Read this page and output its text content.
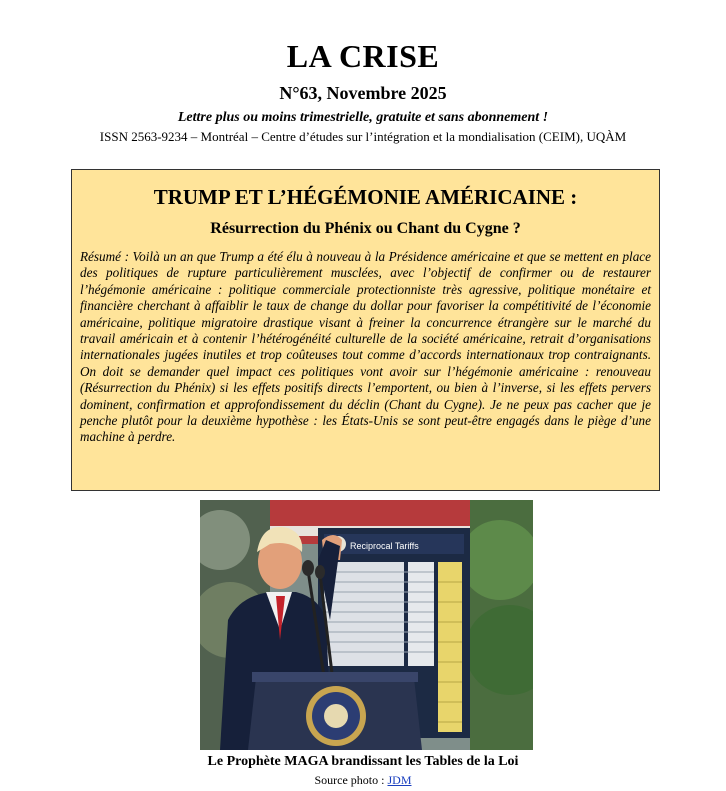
LA CRISE
N°63, Novembre 2025
Lettre plus ou moins trimestrielle, gratuite et sans abonnement !
ISSN 2563-9234 – Montréal – Centre d’études sur l’intégration et la mondialisation (CEIM), UQÀM
TRUMP ET L’HÉGÉMONIE AMÉRICAINE :
Résurrection du Phénix ou Chant du Cygne ?
Résumé : Voilà un an que Trump a été élu à nouveau à la Présidence américaine et que se mettent en place des politiques de rupture particulièrement musclées, avec l’objectif de confirmer ou de restaurer l’hégémonie américaine : politique commerciale protectionniste très agressive, politique monétaire et financière cherchant à affaiblir le taux de change du dollar pour favoriser la compétitivité de l’économie américaine, politique migratoire drastique visant à freiner la concurrence étrangère sur le marché du travail américain et à contenir l’hétérogénéité culturelle de la société américaine, retrait d’organisations internationales jugées inutiles et trop coûteuses tout comme d’accords internationaux trop contraignants. On doit se demander quel impact ces politiques vont avoir sur l’hégémonie américaine : renouveau (Résurrection du Phénix) si les effets positifs directs l’emportent, ou bien à l’inverse, si les effets pervers dominent, confirmation et approfondissement du déclin (Chant du Cygne). Je ne peux pas cacher que je penche plutôt pour la deuxième hypothèse : les États-Unis se sont peut-être engagés dans le piège d’une machine à perdre.
Reciprocal Tariffs
Le Prophète MAGA brandissant les Tables de la Loi
Source photo : JDM
